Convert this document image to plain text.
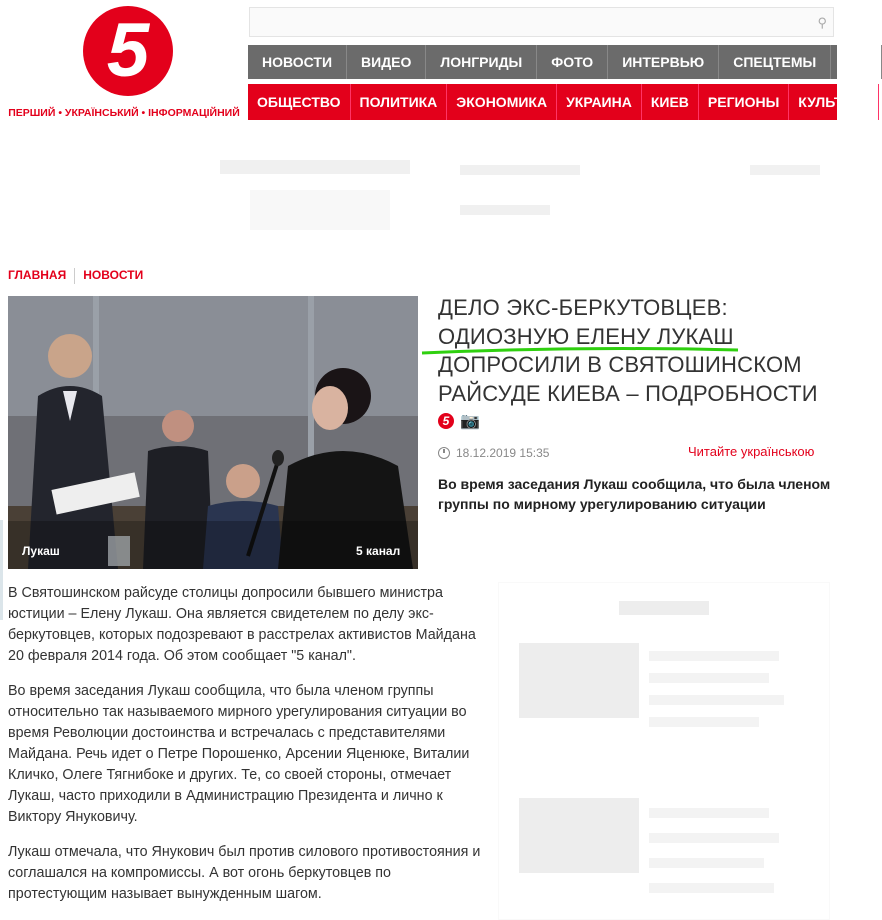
5
ПЕРШИЙ • УКРАЇНСЬКИЙ • ІНФОРМАЦІЙНИЙ
⚲
НОВОСТИ	ВИДЕО	ЛОНГРИДЫ	ФОТО	ИНТЕРВЬЮ	СПЕЦТЕМЫ	АФ
ОБЩЕСТВО	ПОЛИТИКА	ЭКОНОМИКА	УКРАИНА	КИЕВ	РЕГИОНЫ	КУЛЬТУРА
ГЛАВНАЯ НОВОСТИ
Лукаш	5 канал
ДЕЛО ЭКС-БЕРКУТОВЦЕВ: ОДИОЗНУЮ ЕЛЕНУ ЛУКАШ ДОПРОСИЛИ В СВЯТОШИНСКОМ РАЙСУДЕ КИЕВА – ПОДРОБНОСТИ
5 📷
18.12.2019 15:35	Читайте українською
Во время заседания Лукаш сообщила, что была членом группы по мирному урегулированию ситуации

В Святошинском райсуде столицы допросили бывшего министра юстиции – Елену Лукаш. Она является свидетелем по делу экс-беркутовцев, которых подозревают в расстрелах активистов Майдана 20 февраля 2014 года. Об этом сообщает "5 канал".

Во время заседания Лукаш сообщила, что была членом группы относительно так называемого мирного урегулирования ситуации во время Революции достоинства и встречалась с представителями Майдана. Речь идет о Петре Порошенко, Арсении Яценюке, Виталии Кличко, Олеге Тягнибоке и других. Те, со своей стороны, отмечает Лукаш, часто приходили в Администрацию Президента и лично к Виктору Януковичу.

Лукаш отмечала, что Янукович был против силового противостояния и соглашался на компромиссы. А вот огонь беркутовцев по протестующим называет вынужденным шагом.
